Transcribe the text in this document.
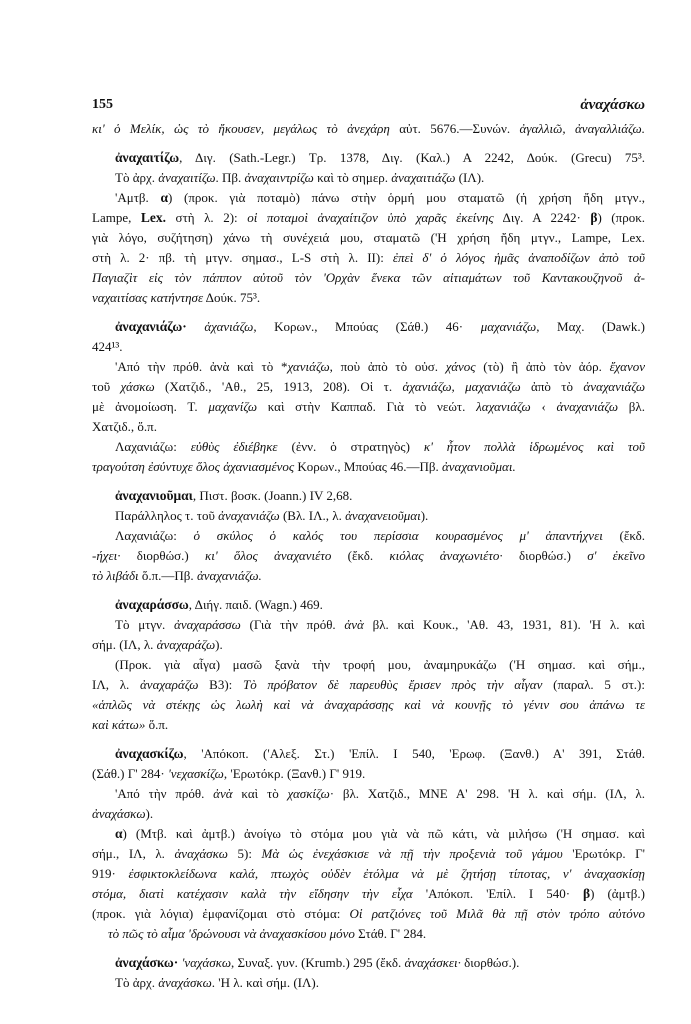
155	ἀναχάσκω
κι' ὁ Μελίκ, ὡς τὸ ἤκουσεν, μεγάλως τὸ ἀνεχάρη αὐτ. 5676.—Συνών. ἀγαλλιῶ, ἀναγαλλιάζω.
ἀναχαιτίζω, Διγ. (Sath.-Legr.) Τρ. 1378, Διγ. (Καλ.) Α 2242, Δούκ. (Grecu) 75³.
Τὸ ἀρχ. ἀναχαιτίζω. Πβ. ἀναχαιντρίζω καὶ τὸ σημερ. ἀναχαιτιάζω (ΙΛ).
'Αμτβ. α) (προκ. γιὰ ποταμὸ) πάνω στὴν ὁρμή μου σταματῶ (ἡ χρήση ἤδη μτγν.,
Lampe, Lex. στὴ λ. 2): οἱ ποταμοὶ ἀναχαίτιζον ὑπὸ χαρᾶς ἐκείνης Διγ. Α 2242· β) (προκ.
γιὰ λόγο, συζήτηση) χάνω τὴ συνέχειά μου, σταματῶ ('Η χρήση ἤδη μτγν., Lampe, Lex.
στὴ λ. 2· πβ. τὴ μτγν. σημασ., L-S στὴ λ. II): ἐπεὶ δ' ὁ λόγος ἡμᾶς ἀναποδίζων ἀπὸ τοῦ
Παγιαζὶτ εἰς τὸν πάππον αὐτοῦ τὸν 'Ορχὰν ἕνεκα τῶν αἰτιαμάτων τοῦ Καντακουζηνοῦ ἀ-
ναχαιτίσας κατήντησε Δούκ. 75³.
ἀναχανιάζω· ἀχανιάζω, Κορων., Μπούας (Σάθ.) 46· μαχανιάζω, Μαχ. (Dawk.)
424¹³.
'Από τὴν πρόθ. ἀνὰ καὶ τὸ *χανιάζω, ποὺ ἀπὸ τὸ οὐσ. χάνος (τὸ) ἢ ἀπὸ τὸν ἀόρ. ἔχανον
τοῦ χάσκω (Χατζιδ., 'Αθ., 25, 1913, 208). Οἱ τ. ἀχανιάζω, μαχανιάζω ἀπὸ τὸ ἀναχανιάζω
μὲ ἀνομοίωση. Τ. μαχανίζω καὶ στὴν Καππαδ. Γιὰ τὸ νεώτ. λαχανιάζω ‹ ἀναχανιάζω βλ.
Χατζιδ., ὅ.π.
Λαχανιάζω: εὐθὺς ἐδιέβηκε (ἐνν. ὁ στρατηγὸς) κ' ἦτον πολλὰ ἱδρωμένος καὶ τοῦ
τραγούτση ἐσύντυχε ὅλος ἀχανιασμένος Κορων., Μπούας 46.—Πβ. ἀναχανιοῦμαι.
ἀναχανιοῦμαι, Πιστ. βοσκ. (Joann.) IV 2,68.
Παράλληλος τ. τοῦ ἀναχανιάζω (Βλ. ΙΛ., λ. ἀναχανειοῦμαι).
Λαχανιάζω: ὁ σκύλος ὁ καλός του περίσσια κουρασμένος μ' ἀπαντήχνει (ἔκδ.
-ήχει· διορθώσ.) κι' ὅλος ἀναχανιέτο (ἔκδ. κιόλας ἀναχωνιέτο· διορθώσ.) σ' ἐκεῖνο
τὸ λιβάδι ὅ.π.—Πβ. ἀναχανιάζω.
ἀναχαράσσω, Διήγ. παιδ. (Wagn.) 469.
Τὸ μτγν. ἀναχαράσσω (Γιὰ τὴν πρόθ. ἀνὰ βλ. καὶ Κουκ., 'Αθ. 43, 1931, 81). 'Η λ. καὶ
σήμ. (ΙΛ, λ. ἀναχαράζω).
(Προκ. γιὰ αἶγα) μασῶ ξανὰ τὴν τροφή μου, ἀναμηρυκάζω ('Η σημασ. καὶ σήμ.,
ΙΛ, λ. ἀναχαράζω Β3): Τὸ πρόβατον δὲ παρευθὺς ἔρισεν πρὸς τὴν αἶγαν (παραλ. 5 στ.):
«ἁπλῶς νὰ στέκῃς ὡς λωλὴ καὶ νὰ ἀναχαράσσῃς καὶ νὰ κουνῇς τὸ γένιν σου ἀπάνω τε
καὶ κάτω» ὅ.π.
ἀναχασκίζω, 'Απόκοπ. ('Αλεξ. Στ.) 'Επίλ. Ι 540, 'Ερωφ. (Ξανθ.) Α' 391, Στάθ.
(Σάθ.) Γ' 284· 'νεχασκίζω, 'Ερωτόκρ. (Ξανθ.) Γ' 919.
'Από τὴν πρόθ. ἀνὰ καὶ τὸ χασκίζω· βλ. Χατζιδ., ΜΝΕ Α' 298. 'Η λ. καὶ σήμ. (ΙΛ, λ.
ἀναχάσκω).
α) (Μτβ. καὶ ἀμτβ.) ἀνοίγω τὸ στόμα μου γιὰ νὰ πῶ κάτι, νὰ μιλήσω ('Η σημασ. καὶ
σήμ., ΙΛ, λ. ἀναχάσκω 5): Μὰ ὡς ἐνεχάσκισε νὰ πῇ τὴν προξενιὰ τοῦ γάμου 'Ερωτόκρ. Γ'
919· ἐσφικτοκλείδωνα καλά, πτωχὸς οὐδὲν ἐτόλμα νὰ μὲ ζητήσῃ τίποτας, ν' ἀναχασκίσῃ
στόμα, διατὶ κατέχασιν καλὰ τὴν εἴδησην τὴν εἶχα 'Απόκοπ. 'Επίλ. Ι 540· β) (ἀμτβ.)
(προκ. γιὰ λόγια) ἐμφανίζομαι στὸ στόμα: Οἱ ρατζιόνες τοῦ Μιλᾶ θὰ πῇ στὸν τρόπο αὐτόνο
τὸ πῶς τὸ αἷμα 'δρώνουσι νὰ ἀναχασκίσου μόνο Στάθ. Γ' 284.
ἀναχάσκω· 'ναχάσκω, Συναξ. γυν. (Krumb.) 295 (ἔκδ. ἀναχάσκει· διορθώσ.).
Τὸ ἀρχ. ἀναχάσκω. 'Η λ. καὶ σήμ. (ΙΛ).
